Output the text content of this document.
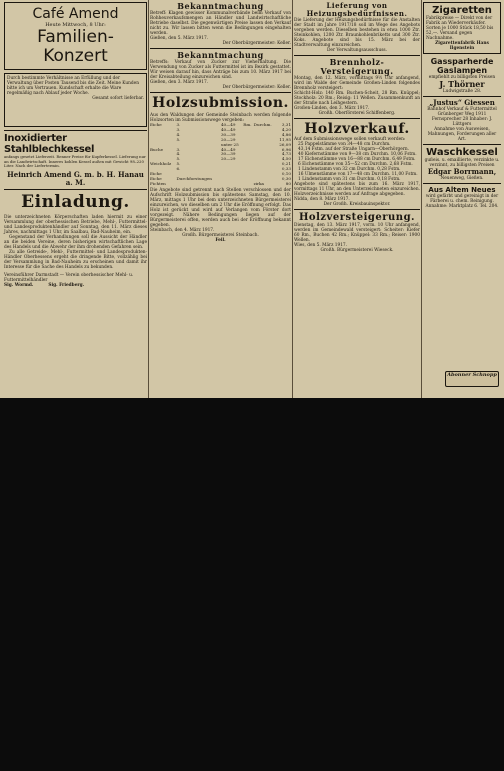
Café Amend
Heute Mittwoch, 8 Uhr:
Familien-Konzert
Durch bestimmte Verhältnisse an Erfüllung und der Verwaltung über Posten Tausend bis die Zeit. Meine Kunden bitte ich um Vertrauen. Kundschaft erhalte die Ware regelmäßig nach Ablauf jeder Woche.
Gesamt sofort lieferbar.
Inoxidierter Stahlblechkessel
anfangs gesetzt Lieferzeit. Renner Preise für Kupferkessel. Lieferung nur an die Landwirtschaft. Inneres kohlen Kessel außen mit Gewicht 98–220 Liter. Nach der Liefertermin.
Heinrich Amend G. m. b. H. Hanau a. M.
Einladung.
Die unterzeichneten Körperschaften laden hiermit zu einer Versammlung der oberhessischen Betriebe, Mehl-, Futtermittel- und Landesproduktenhändler auf Sonntag, den 11. März dieses Jahres, nachmittags 1 Uhr, im Saalbau, Bad-Nauheim, ein.
Gegenstand der Verhandlungen soll die Aussicht der Händler an die beiden Vereine, deren bisherigen wirtschaftlichen Lage des Handels und die Abwehr der ihm drohenden Gefahren sein.
Zu alle Getreide-, Mehl-, Futtermittel- und Landesprodukten-Händler Oberhessens ergeht die dringende Bitte, vollzählig bei der Versammlung in Bad-Nauheim zu erscheinen und damit ihr Interesse für die Sache des Handels zu bekunden.
Vereinsführer Darmstadt — Verein oberhessischer Mehl- u. Futtermittelhändler
Sig. Wormd.          Sig. Friedberg.
Bekanntmachung
Betreff: Klagen gewisser Kommunalverbände beim Verkauf von Rohheuverkaufsmengen an Händler und Landwirtschaftliche Betriebe daselbst. Die gegenwärtigen Preise lassen den Verkauf nicht zu. Wir lassen bitten wenn die Bedingungen eingehalten werden.
Gießen, den 5. März 1917.
Der Oberbürgermeister: Keller.
Bekanntmachung
Betreffs: Verkauf von Zucker zur Vieherhaltung. Die Verwendung von Zucker als Futtermittel ist im Bezirk gestattet. Wir weisen darauf hin, dass Anträge bis zum 10. März 1917 bei der Kreisabteilung einzureichen sind.
Gießen, den 3. März 1917.
Der Oberbürgermeister: Keller.
Holzsubmission.
Aus den Waldungen der Gemeinde Steinbach werden folgende Holzsorten im Submissionswege vergeben:
Eiche	3.	40—49	Rm.	Durchm.	3,31
	3.	40—49			4,20
	4.	30—39			4,86
	5.	20—29			11,95
		unter 25			26,09
Buche	3.	40—49			6,96
	4.	30—39			4,73
	5.	20—29			4,50
Weichholz	5.				0,21
	6.				0,33
Eiche					0,10
Eiche	Durchforstungen				0,30
Fichten				zirka	80
Die Angebote sind getrennt nach Stellen verschlossen und der Aufschrift Holzsubmission bis spätestens Samstag, den 10. März, mittags 1 Uhr bei dem unterzeichneten Bürgermeisterei einzureichen, wo dieselben um 2 Uhr die Eröffnung erfolgt. Das Holz ist gerückt und wird auf Verlangen vom Förster dort vorgezeigt. Nähere Bedingungen liegen auf der Bürgermeisterei offen, werden auch bei der Eröffnung bekannt gegeben.
Steinbach, den 4. März 1917.
Großh. Bürgermeisterei Steinbach.
Feil.
Lieferung von Heizungsbedürfnissen.
Die Lieferung der Heizungsbedürfnisse für die Anstalten der Stadt im Jahre 1917/18 soll im Wege des Angebots vergeben werden. Dieselben bestehen in etwa 1000 Ztr. Steinkohlen, 1200 Ztr. Braunkohlenbriketts und 300 Ztr. Koks. Angebote sind bis 15. März bei der Stadtverwaltung einzureichen.
Der Verwaltungsausschuss.
Brennholz-Versteigerung.
Montag, den 12. März, vormittags 9½ Uhr anfangend, wird im Walde der Gemeinde Großen-Linden folgendes Brennholz versteigert:
Schicht-Holz: 140 Rm. Buchen-Scheit, 28 Rm. Knüppel; Stockholz: 20 Rm.; Reisig: 11 Wellen. Zusammenkunft an der Straße nach Leihgestern.
Großen-Linden, den 3. März 1917.
Großh. Oberförsterei Schiffenberg.
Holzverkauf.
Auf dem Submissionswege sollen verkauft werden:
25 Pappelstämme von 34—48 cm Durchm.
43,14 Fstm. auf der Straße Ungarn—Oberhörgern.
40 Kiefernstämme von 9—38 cm Durchm. 10,06 Fstm.
17 Eichenstämme von 16—88 cm Durchm. 6,49 Fstm.
6 Eichenstämme von 35—52 cm Durchm. 2,68 Fstm.
1 Lindenstamm von 32 cm Durchm. 0,28 Fstm.
16 Ulmenstämme von 17—48 cm Durchm. 11,00 Fstm.
1 Lindenstamm von 31 cm Durchm. 0,18 Fstm.
Angebote sind spätestens bis zum 16. März 1917, vormittags 11 Uhr, an den Unterzeichneten einzureichen. Holzverzeichnisse werden auf Anfrage abgegeben.
Nidda, den 8. März 1917.
Der Großh. Kreisbauinspektor.
Holzversteigerung.
Dienstag, den 13. März 1917, vorm. 10 Uhr anfangend, werden im Gemeindewald versteigert: Scheiter: Kiefer 60 Rm., Buchen 42 Rm.; Knüppel: 33 Rm.; Reiser: 1900 Wellen.
Wies, den 5. März 1917.
Großh. Bürgermeisterei Wieseck.
Zigaretten
Fabrikpreise — Direkt von der Fabrik an Wiederverkäufer. Sorten je 1000 Stück 18,50 bis 52,—. Versand gegen Nachnahme.
Zigarettenfabrik Hans Ilgenstein
Gassparherde Gaslampen
empfiehlt zu billigsten Preisen
J. Thörner
Ludwigstraße 28.
„Justus“ Giessen
Bahnhof Verkauf & Futtermittel Grünberger Weg 1911 Fernsprecher 28 Inhaber: J. Lüttgers
Annahme von Ausweisen, Mahnungen, Forderungen aller Art.
Waschkessel
gußeis. u. emaillierte, verzinkte u. verzinnt, zu billigsten Preisen
Edgar Borrmann,
Neuenweg, Gießen.
Aus Altem Neues
wird gefärbt und gereinigt in der Färberei u. chem. Reinigung. Annahme: Marktplatz 6. Tel. 204.
Abonner Schnopp
